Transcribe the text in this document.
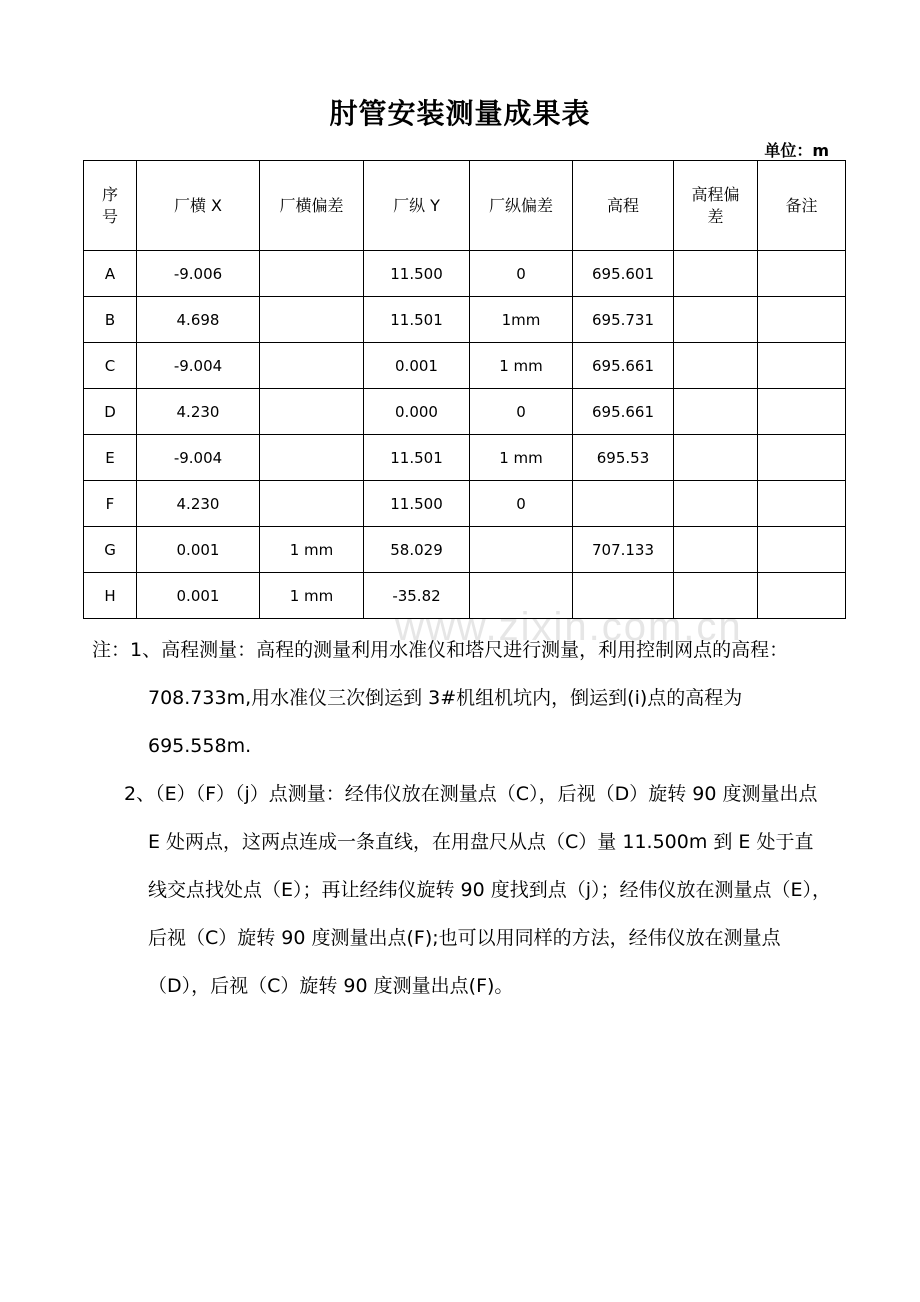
www.zixin.com.cn
肘管安装测量成果表
单位：m
序号	厂横 X	厂横偏差	厂纵 Y	厂纵偏差	高程	高程偏差	备注
A	-9.006		11.500	0	695.601		
B	4.698		11.501	1mm	695.731		
C	-9.004		0.001	1 mm	695.661		
D	4.230		0.000	0	695.661		
E	-9.004		11.501	1 mm	695.53		
F	4.230		11.500	0			
G	0.001	1 mm	58.029		707.133		
H	0.001	1 mm	-35.82				
注：1、高程测量：高程的测量利用水准仪和塔尺进行测量，利用控制网点的高程：708.733m,用水准仪三次倒运到 3#机组机坑内，倒运到(i)点的高程为695.558m.
2、（E）（F）（j）点测量：经伟仪放在测量点（C），后视（D）旋转 90 度测量出点 E 处两点，这两点连成一条直线，在用盘尺从点（C）量 11.500m 到 E 处于直线交点找处点（E）；再让经纬仪旋转 90 度找到点（j）；经伟仪放在测量点（E），后视（C）旋转 90 度测量出点(F);也可以用同样的方法，经伟仪放在测量点（D），后视（C）旋转 90 度测量出点(F)。
